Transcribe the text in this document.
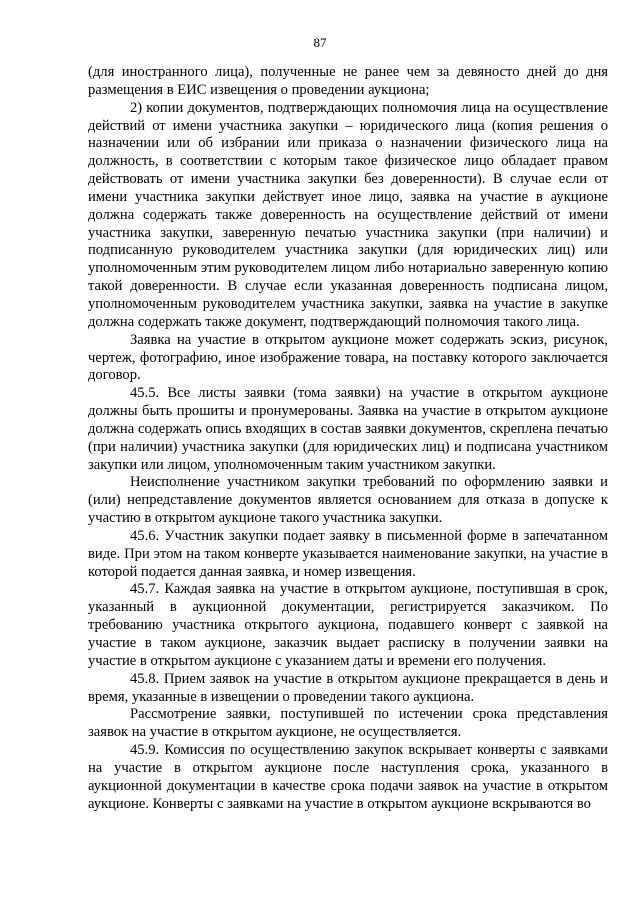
87

(для иностранного лица), полученные не ранее чем за девяносто дней до дня размещения в ЕИС извещения о проведении аукциона;

2) копии документов, подтверждающих полномочия лица на осуществление действий от имени участника закупки – юридического лица (копия решения о назначении или об избрании или приказа о назначении физического лица на должность, в соответствии с которым такое физическое лицо обладает правом действовать от имени участника закупки без доверенности). В случае если от имени участника закупки действует иное лицо, заявка на участие в аукционе должна содержать также доверенность на осуществление действий от имени участника закупки, заверенную печатью участника закупки (при наличии) и подписанную руководителем участника закупки (для юридических лиц) или уполномоченным этим руководителем лицом либо нотариально заверенную копию такой доверенности. В случае если указанная доверенность подписана лицом, уполномоченным руководителем участника закупки, заявка на участие в закупке должна содержать также документ, подтверждающий полномочия такого лица.

Заявка на участие в открытом аукционе может содержать эскиз, рисунок, чертеж, фотографию, иное изображение товара, на поставку которого заключается договор.

45.5. Все листы заявки (тома заявки) на участие в открытом аукционе должны быть прошиты и пронумерованы. Заявка на участие в открытом аукционе должна содержать опись входящих в состав заявки документов, скреплена печатью (при наличии) участника закупки (для юридических лиц) и подписана участником закупки или лицом, уполномоченным таким участником закупки.

Неисполнение участником закупки требований по оформлению заявки и (или) непредставление документов является основанием для отказа в допуске к участию в открытом аукционе такого участника закупки.

45.6. Участник закупки подает заявку в письменной форме в запечатанном виде. При этом на таком конверте указывается наименование закупки, на участие в которой подается данная заявка, и номер извещения.

45.7. Каждая заявка на участие в открытом аукционе, поступившая в срок, указанный в аукционной документации, регистрируется заказчиком. По требованию участника открытого аукциона, подавшего конверт с заявкой на участие в таком аукционе, заказчик выдает расписку в получении заявки на участие в открытом аукционе с указанием даты и времени его получения.

45.8. Прием заявок на участие в открытом аукционе прекращается в день и время, указанные в извещении о проведении такого аукциона.

Рассмотрение заявки, поступившей по истечении срока представления заявок на участие в открытом аукционе, не осуществляется.

45.9. Комиссия по осуществлению закупок вскрывает конверты с заявками на участие в открытом аукционе после наступления срока, указанного в аукционной документации в качестве срока подачи заявок на участие в открытом аукционе. Конверты с заявками на участие в открытом аукционе вскрываются во
